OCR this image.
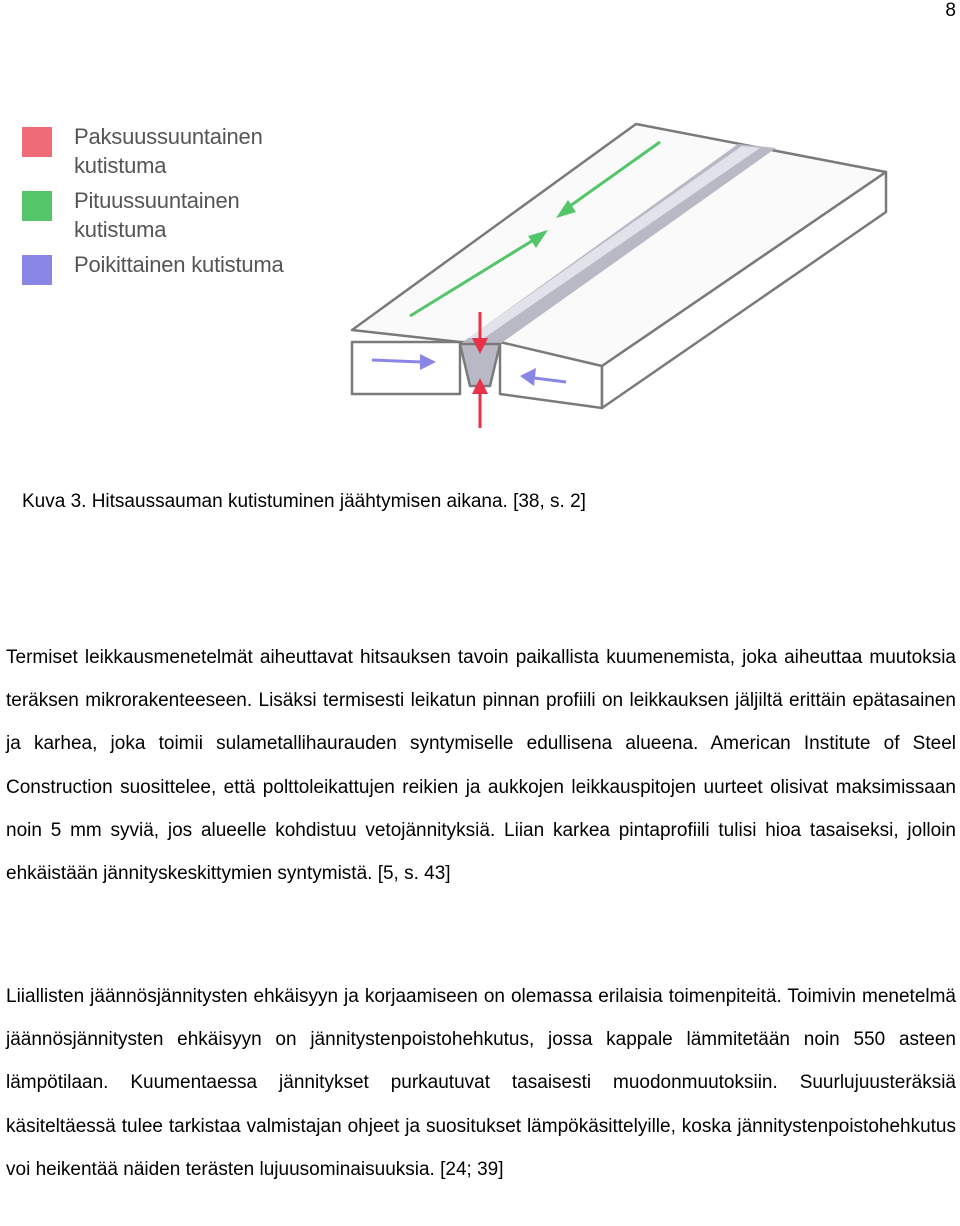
8
Paksuussuuntainen kutistuma
Pituussuuntainen kutistuma
Poikittainen kutistuma
Kuva 3. Hitsaussauman kutistuminen jäähtymisen aikana. [38, s. 2]

Termiset leikkausmenetelmät aiheuttavat hitsauksen tavoin paikallista kuumenemista, joka aiheuttaa muutoksia teräksen mikrorakenteeseen. Lisäksi termisesti leikatun pinnan profiili on leikkauksen jäljiltä erittäin epätasainen ja karhea, joka toimii sulametallihaurauden syntymiselle edullisena alueena. American Institute of Steel Construction suosittelee, että polttoleikattujen reikien ja aukkojen leikkauspitojen uurteet olisivat maksimissaan noin 5 mm syviä, jos alueelle kohdistuu vetojännityksiä. Liian karkea pintaprofiili tulisi hioa tasaiseksi, jolloin ehkäistään jännityskeskittymien syntymistä. [5, s. 43]

Liiallisten jäännösjännitysten ehkäisyyn ja korjaamiseen on olemassa erilaisia toimenpiteitä. Toimivin menetelmä jäännösjännitysten ehkäisyyn on jännitystenpoistohehkutus, jossa kappale lämmitetään noin 550 asteen lämpötilaan. Kuumentaessa jännitykset purkautuvat tasaisesti muodonmuutoksiin. Suurlujuusteräksiä käsiteltäessä tulee tarkistaa valmistajan ohjeet ja suositukset lämpökäsittelyille, koska jännitystenpoistohehkutus voi heikentää näiden terästen lujuusominaisuuksia. [24; 39]
